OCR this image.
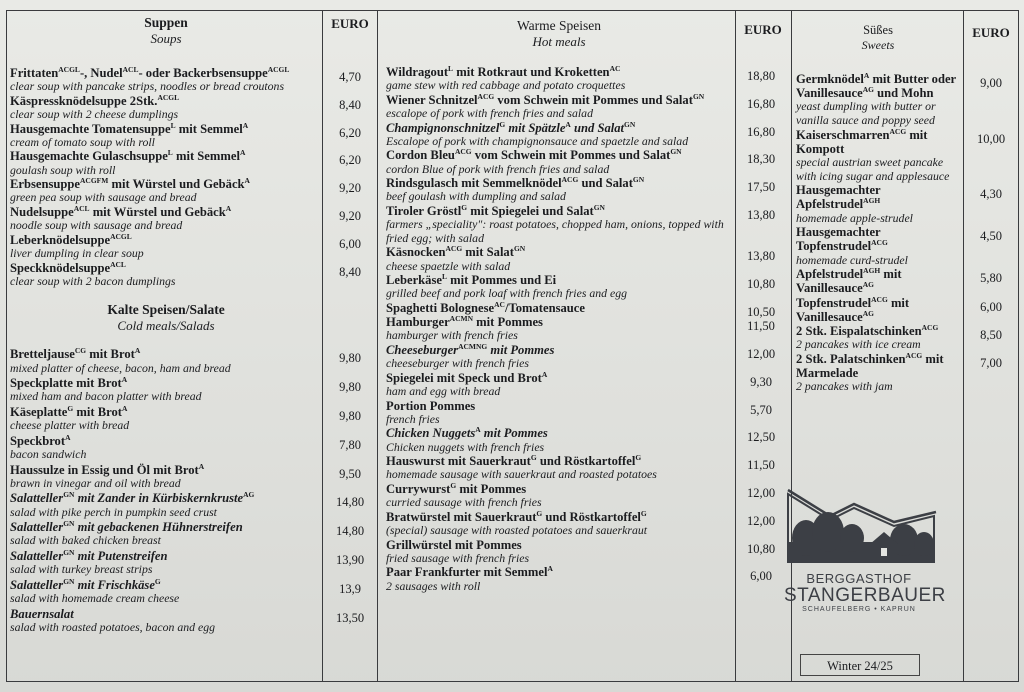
Suppen
Soups
EURO
Frittaten$^{ACGL}$-, Nudel$^{ACL}$- oder Backerbsensuppe$^{ACGL}$
clear soup with pancake strips, noodles or bread croutons
4,70
Käspressknödelsuppe 2Stk.$^{ACGL}$
clear soup with 2 cheese dumplings
8,40
Hausgemachte Tomatensuppe$^L$ mit Semmel$^A$
cream of tomato soup with roll
6,20
Hausgemachte Gulaschsuppe$^L$ mit Semmel$^A$
goulash soup with roll
6,20
Erbsensuppe$^{ACGFM}$ mit Würstel und Gebäck$^A$
green pea soup with sausage and bread
9,20
Nudelsuppe$^{ACL}$ mit Würstel und Gebäck$^A$
noodle soup with sausage and bread
9,20
Leberknödelsuppe$^{ACGL}$
liver dumpling in clear soup
6,00
Speckknödelsuppe$^{ACL}$
clear soup with 2 bacon dumplings
8,40
Kalte Speisen/Salate
Cold meals/Salads
Bretteljause$^{CG}$ mit Brot$^A$
mixed platter of cheese, bacon, ham and bread
9,80
Speckplatte mit Brot$^A$
mixed ham and bacon platter with bread
9,80
Käseplatte$^G$ mit Brot$^A$
cheese platter with bread
9,80
Speckbrot$^A$
bacon sandwich
7,80
Haussulze in Essig und Öl mit Brot$^A$
brawn in vinegar and oil with bread
9,50
Salatteller$^{GN}$ mit Zander in Kürbiskernkruste$^{AG}$
salad with pike perch in pumpkin seed crust
14,80
Salatteller$^{GN}$ mit gebackenen Hühnerstreifen
salad with baked chicken breast
14,80
Salatteller$^{GN}$ mit Putenstreifen
salad with turkey breast strips
13,90
Salatteller$^{GN}$ mit Frischkäse$^G$
salad with homemade cream cheese
13,9
Bauernsalat
salad with roasted potatoes, bacon and egg
13,50
Warme Speisen
Hot meals
EURO
Wildragout$^L$ mit Rotkraut und Kroketten$^{AC}$
game stew with red cabbage and potato croquettes
18,80
Wiener Schnitzel$^{ACG}$ vom Schwein mit Pommes und Salat$^{GN}$
escalope of pork with french fries and salad
16,80
Champignonschnitzel$^G$ mit Spätzle$^A$ und Salat$^{GN}$
Escalope of pork with champignonsauce and spaetzle and salad
16,80
Cordon Bleu$^{ACG}$ vom Schwein mit Pommes und Salat$^{GN}$
cordon Blue of pork with french fries and salad
18,30
Rindsgulasch mit Semmelknödel$^{ACG}$ und Salat$^{GN}$
beef goulash with dumpling and salad
17,50
Tiroler Gröstl$^G$ mit Spiegelei und Salat$^{GN}$
farmers „speciality": roast potatoes, chopped ham, onions, topped with fried egg; with salad
13,80
Käsnocken$^{ACG}$ mit Salat$^{GN}$
cheese spaetzle with salad
13,80
Leberkäse$^L$ mit Pommes und Ei
grilled beef and pork loaf with french fries and egg
10,80
Spaghetti Bolognese$^{AC}$/Tomatensauce	10,50
Hamburger$^{ACMN}$ mit Pommes
hamburger with french fries
11,50
Cheeseburger$^{ACMNG}$ mit Pommes
cheeseburger with french fries
12,00
Spiegelei mit Speck und Brot$^A$
ham and egg with bread
9,30
Portion Pommes
french fries
5,70
Chicken Nuggets$^A$ mit Pommes
Chicken nuggets with french fries
12,50
Hauswurst mit Sauerkraut$^G$ und Röstkartoffel$^G$
homemade sausage with sauerkraut and roasted potatoes
11,50
Currywurst$^G$ mit Pommes
curried sausage with french fries
12,00
Bratwürstel mit Sauerkraut$^G$ und Röstkartoffel$^G$
(special) sausage with roasted potatoes and sauerkraut
12,00
Grillwürstel mit Pommes
fried sausage with french fries
10,80
Paar Frankfurter mit Semmel$^A$
2 sausages with roll
6,00
Süßes
Sweets
EURO
Germknödel$^A$ mit Butter oder Vanillesauce$^{AG}$ und Mohn
yeast dumpling with butter or vanilla sauce and poppy seed
9,00
Kaiserschmarren$^{ACG}$ mit Kompott
special austrian sweet pancake with icing sugar and applesauce
10,00
Hausgemachter Apfelstrudel$^{AGH}$
homemade apple-strudel
4,30
Hausgemachter Topfenstrudel$^{ACG}$
homemade curd-strudel
4,50
Apfelstrudel$^{AGH}$ mit Vanillesauce$^{AG}$	5,80
Topfenstrudel$^{ACG}$ mit Vanillesauce$^{AG}$	6,00
2 Stk. Eispalatschinken$^{ACG}$
2 pancakes with ice cream
8,50
2 Stk. Palatschinken$^{ACG}$ mit Marmelade
2 pancakes with jam
7,00
BERGGASTHOF
STANGERBAUER
SCHAUFELBERG • KAPRUN
Winter 24/25
